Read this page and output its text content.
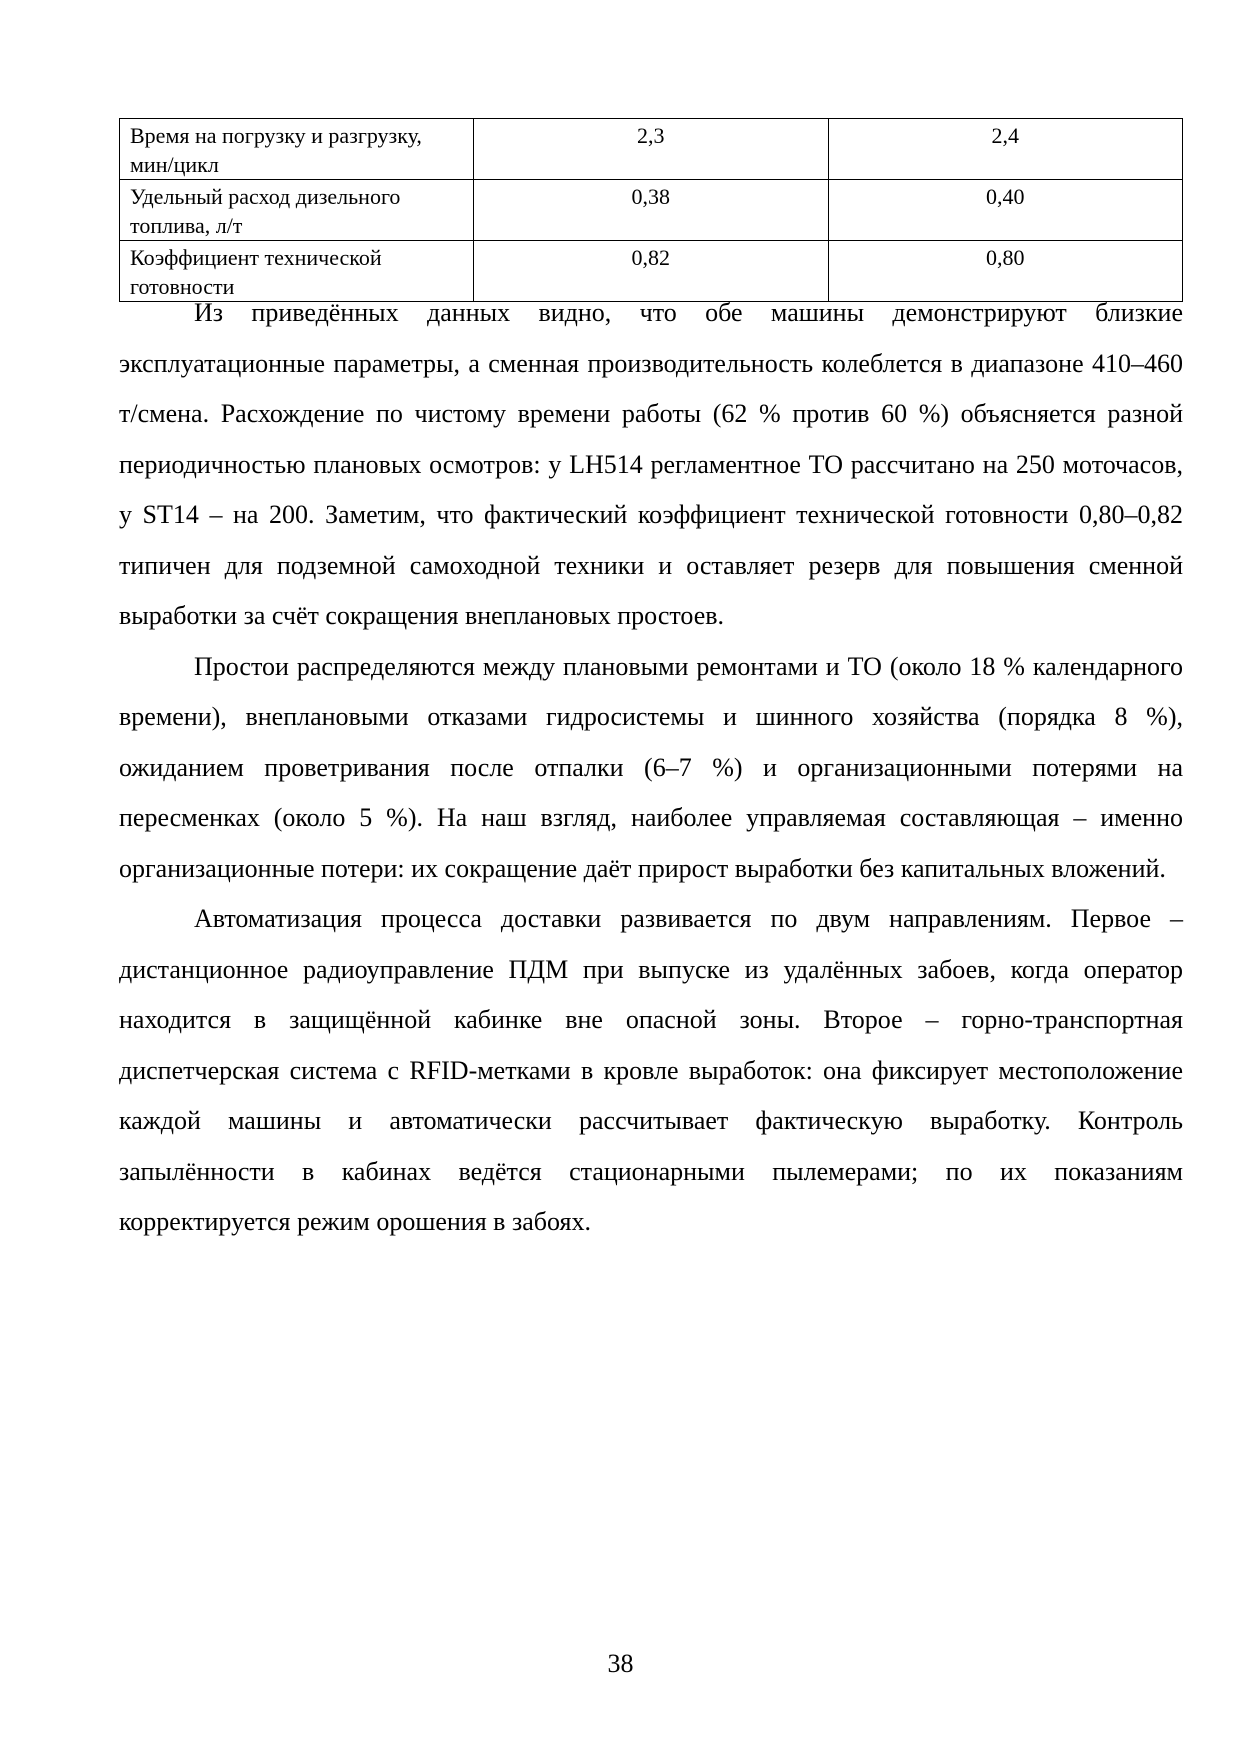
Время на погрузку и разгрузку, мин/цикл	2,3	2,4
Удельный расход дизельного топлива, л/т	0,38	0,40
Коэффициент технической готовности	0,82	0,80

Из приведённых данных видно, что обе машины демонстрируют близкие эксплуатационные параметры, а сменная производительность колеблется в диапазоне 410–460 т/смена. Расхождение по чистому времени работы (62 % против 60 %) объясняется разной периодичностью плановых осмотров: у LH514 регламентное ТО рассчитано на 250 моточасов, у ST14 – на 200. Заметим, что фактический коэффициент технической готовности 0,80–0,82 типичен для подземной самоходной техники и оставляет резерв для повышения сменной выработки за счёт сокращения внеплановых простоев.

Простои распределяются между плановыми ремонтами и ТО (около 18 % календарного времени), внеплановыми отказами гидросистемы и шинного хозяйства (порядка 8 %), ожиданием проветривания после отпалки (6–7 %) и организационными потерями на пересменках (около 5 %). На наш взгляд, наиболее управляемая составляющая – именно организационные потери: их сокращение даёт прирост выработки без капитальных вложений.

Автоматизация процесса доставки развивается по двум направлениям. Первое – дистанционное радиоуправление ПДМ при выпуске из удалённых забоев, когда оператор находится в защищённой кабинке вне опасной зоны. Второе – горно-транспортная диспетчерская система с RFID-метками в кровле выработок: она фиксирует местоположение каждой машины и автоматически рассчитывает фактическую выработку. Контроль запылённости в кабинах ведётся стационарными пылемерами; по их показаниям корректируется режим орошения в забоях.

38
